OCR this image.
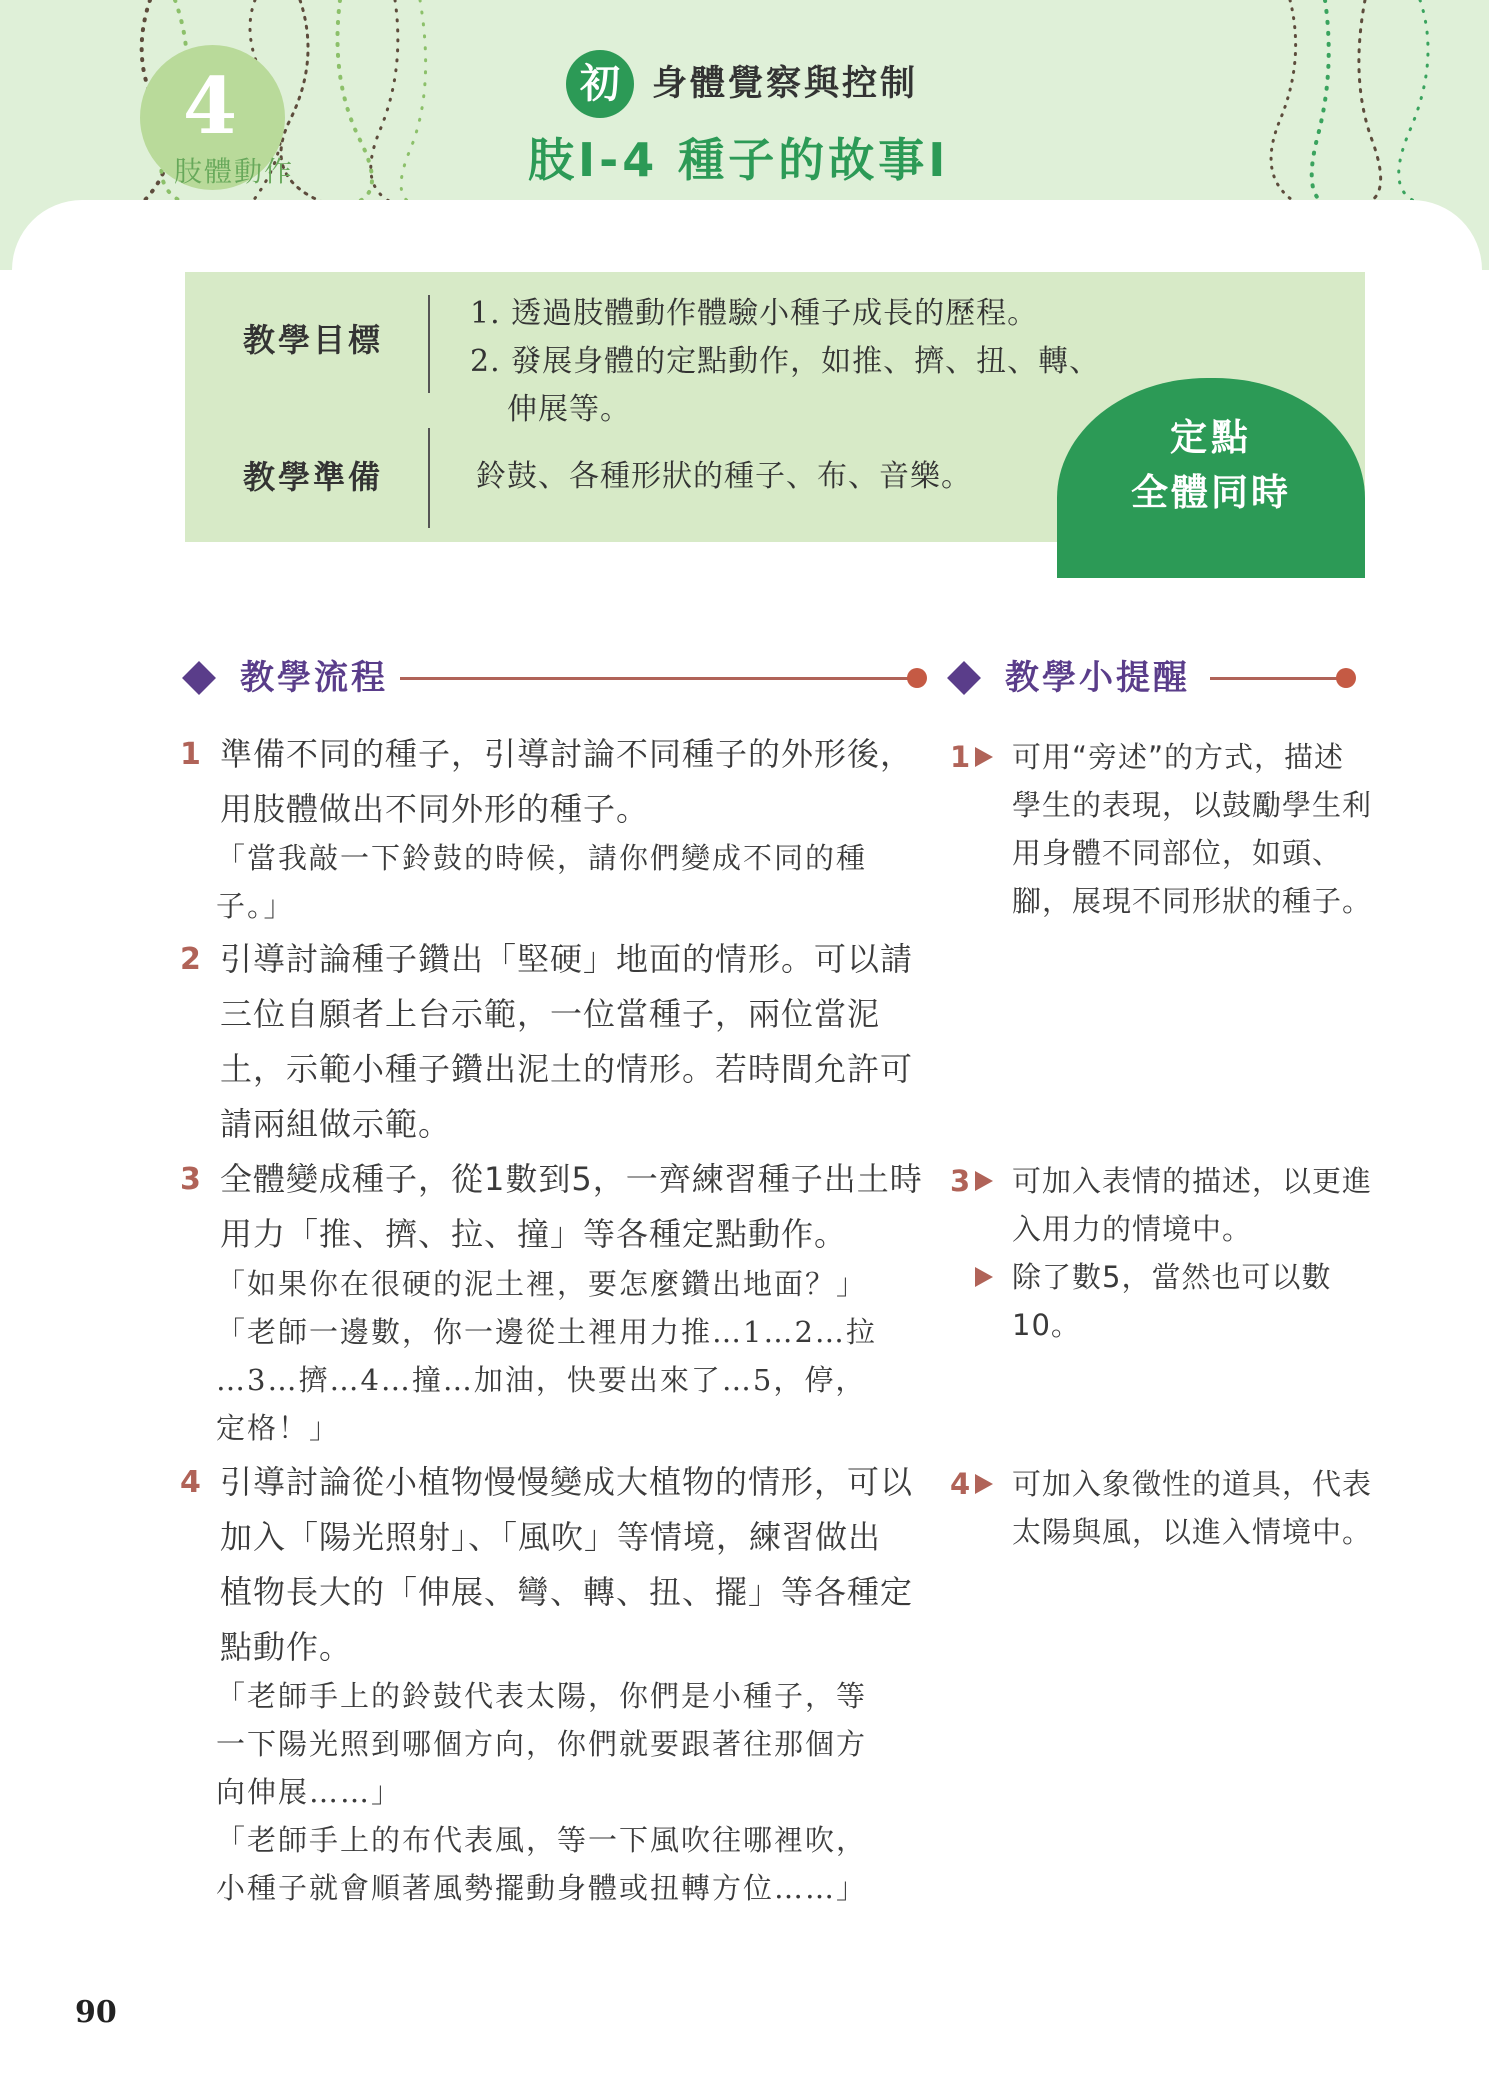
4
肢體動作
初 身體覺察與控制
肢Ⅰ-4 種子的故事Ⅰ
定點
全體同時
教學目標
1. 透過肢體動作體驗小種子成長的歷程。
2. 發展身體的定點動作，如推、擠、扭、轉、
伸展等。
教學準備	鈴鼓、各種形狀的種子、布、音樂。
教學流程	教學小提醒
1 準備不同的種子，引導討論不同種子的外形後，
用肢體做出不同外形的種子。
「當我敲一下鈴鼓的時候，請你們變成不同的種
子。」
2 引導討論種子鑽出「堅硬」地面的情形。可以請
三位自願者上台示範，一位當種子，兩位當泥
土，示範小種子鑽出泥土的情形。若時間允許可
請兩組做示範。
3 全體變成種子，從1數到5，一齊練習種子出土時
用力「推、擠、拉、撞」等各種定點動作。
「如果你在很硬的泥土裡，要怎麼鑽出地面？」
「老師一邊數，你一邊從土裡用力推…1…2…拉
…3…擠…4…撞…加油，快要出來了…5，停，
定格！」
4 引導討論從小植物慢慢變成大植物的情形，可以
加入「陽光照射」、「風吹」等情境，練習做出
植物長大的「伸展、彎、轉、扭、擺」等各種定
點動作。
「老師手上的鈴鼓代表太陽，你們是小種子，等
一下陽光照到哪個方向，你們就要跟著往那個方
向伸展……」
「老師手上的布代表風，等一下風吹往哪裡吹，
小種子就會順著風勢擺動身體或扭轉方位……」
1 可用“旁述”的方式，描述
學生的表現，以鼓勵學生利
用身體不同部位，如頭、
腳，展現不同形狀的種子。
3 可加入表情的描述，以更進
入用力的情境中。
除了數5，當然也可以數
10。
4 可加入象徵性的道具，代表
太陽與風，以進入情境中。
90
